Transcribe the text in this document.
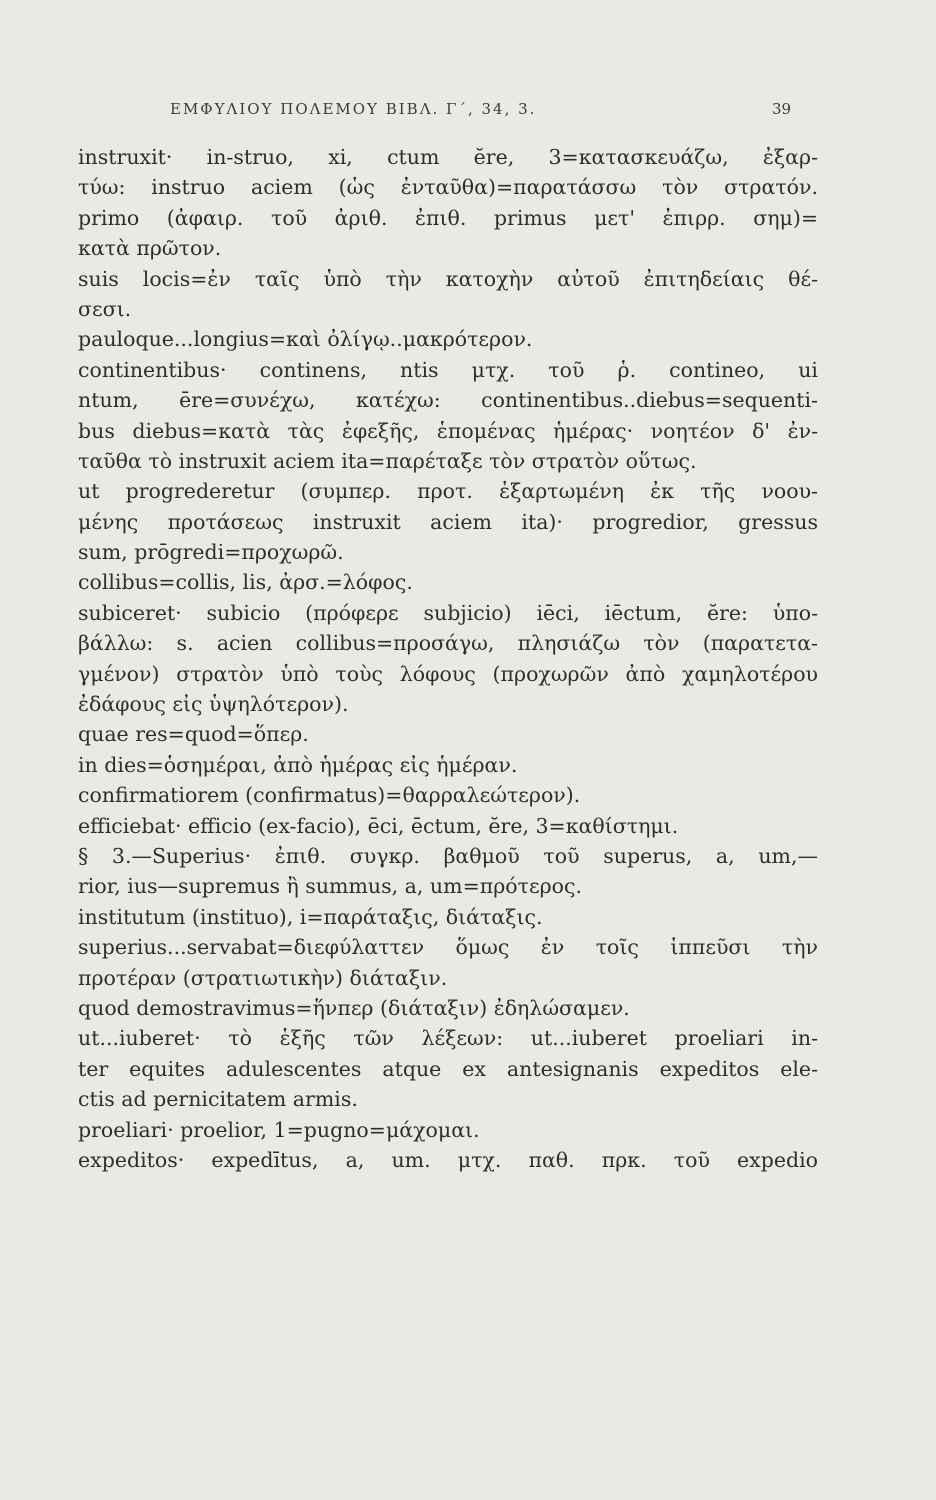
ΕΜΦΥΛΙΟΥ ΠΟΛΕΜΟΥ ΒΙΒΛ. Γ΄, 34, 3.	39
instruxit· in-struo, xi, ctum ĕre, 3=κατασκευάζω, ἐξαρ-
τύω: instruo aciem (ὡς ἐνταῦθα)=παρατάσσω τὸν στρατόν.
primo (ἀφαιρ. τοῦ ἀριθ. ἐπιθ. primus μετ' ἐπιρρ. σημ)=
κατὰ πρῶτον.
suis locis=ἐν ταῖς ὑπὸ τὴν κατοχὴν αὐτοῦ ἐπιτηδείαις θέ-
σεσι.
pauloque...longius=καὶ ὀλίγῳ..μακρότερον.
continentibus· continens, ntis μτχ. τοῦ ῥ. contineo, ui
ntum, ēre=συνέχω, κατέχω: continentibus..diebus=sequenti-
bus diebus=κατὰ τὰς ἐφεξῆς, ἑπομένας ἡμέρας· νοητέον δ' ἐν-
ταῦθα τὸ instruxit aciem ita=παρέταξε τὸν στρατὸν οὕτως.
ut progrederetur (συμπερ. προτ. ἐξαρτωμένη ἐκ τῆς νοου-
μένης προτάσεως instruxit aciem ita)· progredior, gressus
sum, prōgredi=προχωρῶ.
collibus=collis, lis, ἀρσ.=λόφος.
subiceret· subicio (πρόφερε subjicio) iēci, iēctum, ĕre: ὑπο-
βάλλω: s. acien collibus=προσάγω, πλησιάζω τὸν (παρατετα-
γμένον) στρατὸν ὑπὸ τοὺς λόφους (προχωρῶν ἀπὸ χαμηλοτέρου
ἐδάφους εἰς ὑψηλότερον).
quae res=quod=ὅπερ.
in dies=ὁσημέραι, ἀπὸ ἡμέρας εἰς ἡμέραν.
confirmatiorem (confirmatus)=θαρραλεώτερον).
efficiebat· efficio (ex-facio), ēci, ēctum, ĕre, 3=καθίστημι.
§ 3.—Superius· ἐπιθ. συγκρ. βαθμοῦ τοῦ superus, a, um,—
rior, ius—supremus ἢ summus, a, um=πρότερος.
institutum (instituo), i=παράταξις, διάταξις.
superius...servabat=διεφύλαττεν ὅμως ἐν τοῖς ἱππεῦσι τὴν
προτέραν (στρατιωτικὴν) διάταξιν.
quod demostravimus=ἥνπερ (διάταξιν) ἐδηλώσαμεν.
ut...iuberet· τὸ ἑξῆς τῶν λέξεων: ut...iuberet proeliari in-
ter equites adulescentes atque ex antesignanis expeditos ele-
ctis ad pernicitatem armis.
proeliari· proelior, 1=pugno=μάχομαι.
expeditos· expedītus, a, um. μτχ. παθ. πρκ. τοῦ expedio
